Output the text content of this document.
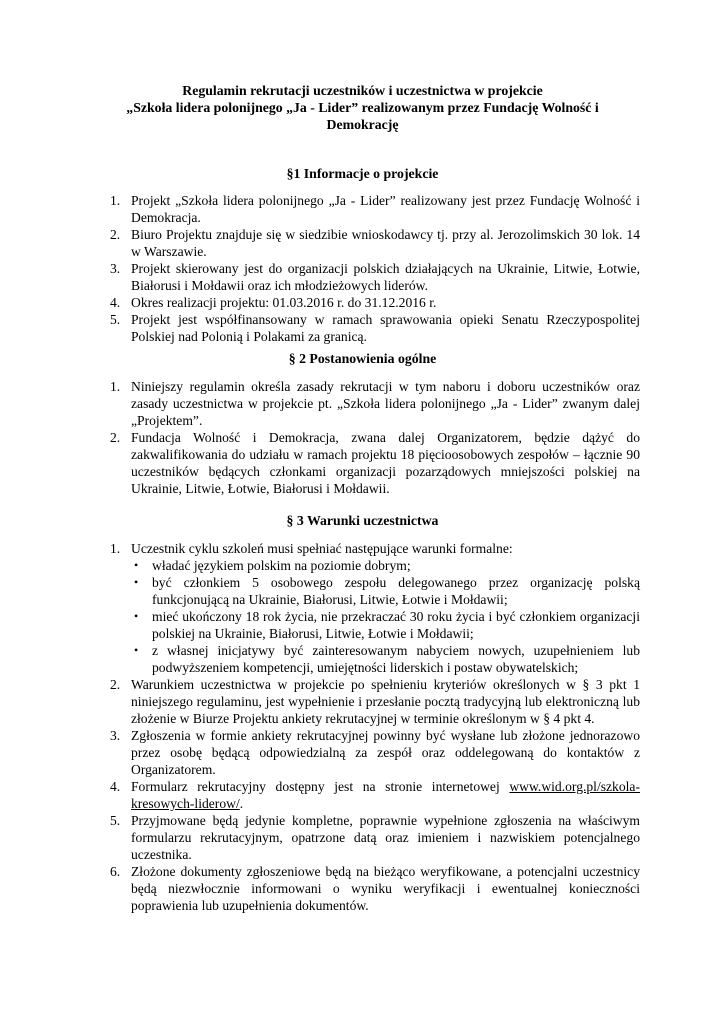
Regulamin rekrutacji uczestników i uczestnictwa w projekcie
„Szkoła lidera polonijnego „Ja - Lider” realizowanym przez Fundację Wolność i
Demokrację
§1 Informacje o projekcie
1. Projekt „Szkoła lidera polonijnego „Ja - Lider” realizowany jest przez Fundację Wolność i Demokracja.
2. Biuro Projektu znajduje się w siedzibie wnioskodawcy tj. przy al. Jerozolimskich 30 lok. 14 w Warszawie.
3. Projekt skierowany jest do organizacji polskich działających na Ukrainie, Litwie, Łotwie, Białorusi i Mołdawii oraz ich młodzieżowych liderów.
4. Okres realizacji projektu: 01.03.2016 r. do 31.12.2016 r.
5. Projekt jest współfinansowany w ramach sprawowania opieki Senatu Rzeczypospolitej Polskiej nad Polonią i Polakami za granicą.
§ 2 Postanowienia ogólne
1. Niniejszy regulamin określa zasady rekrutacji w tym naboru i doboru uczestników oraz zasady uczestnictwa w projekcie pt. „Szkoła lidera polonijnego „Ja - Lider” zwanym dalej „Projektem”.
2. Fundacja Wolność i Demokracja, zwana dalej Organizatorem, będzie dążyć do zakwalifikowania do udziału w ramach projektu 18 pięcioosobowych zespołów – łącznie 90 uczestników będących członkami organizacji pozarządowych mniejszości polskiej na Ukrainie, Litwie, Łotwie, Białorusi i Mołdawii.
§ 3 Warunki uczestnictwa
1. Uczestnik cyklu szkoleń musi spełniać następujące warunki formalne:
• władać językiem polskim na poziomie dobrym;
• być członkiem 5 osobowego zespołu delegowanego przez organizację polską funkcjonującą na Ukrainie, Białorusi, Litwie, Łotwie i Mołdawii;
• mieć ukończony 18 rok życia, nie przekraczać 30 roku życia i być członkiem organizacji polskiej na Ukrainie, Białorusi, Litwie, Łotwie i Mołdawii;
• z własnej inicjatywy być zainteresowanym nabyciem nowych, uzupełnieniem lub podwyższeniem kompetencji, umiejętności liderskich i postaw obywatelskich;
2. Warunkiem uczestnictwa w projekcie po spełnieniu kryteriów określonych w § 3 pkt 1 niniejszego regulaminu, jest wypełnienie i przesłanie pocztą tradycyjną lub elektroniczną lub złożenie w Biurze Projektu ankiety rekrutacyjnej w terminie określonym w § 4 pkt 4.
3. Zgłoszenia w formie ankiety rekrutacyjnej powinny być wysłane lub złożone jednorazowo przez osobę będącą odpowiedzialną za zespół oraz oddelegowaną do kontaktów z Organizatorem.
4. Formularz rekrutacyjny dostępny jest na stronie internetowej www.wid.org.pl/szkola-kresowych-liderow/.
5. Przyjmowane będą jedynie kompletne, poprawnie wypełnione zgłoszenia na właściwym formularzu rekrutacyjnym, opatrzone datą oraz imieniem i nazwiskiem potencjalnego uczestnika.
6. Złożone dokumenty zgłoszeniowe będą na bieżąco weryfikowane, a potencjalni uczestnicy będą niezwłocznie informowani o wyniku weryfikacji i ewentualnej konieczności poprawienia lub uzupełnienia dokumentów.
